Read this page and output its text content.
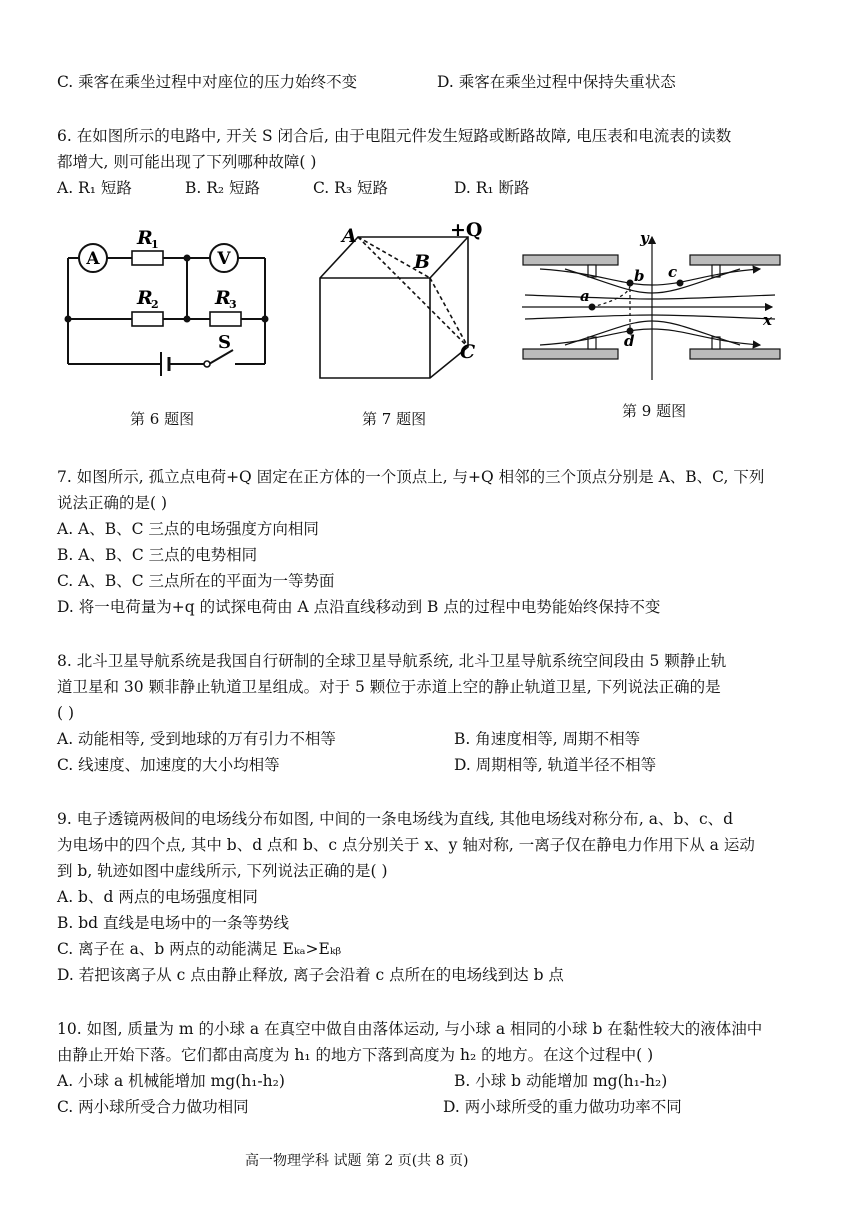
C. 乘客在乘坐过程中对座位的压力始终不变	D. 乘客在乘坐过程中保持失重状态
6. 在如图所示的电路中, 开关 S 闭合后, 由于电阻元件发生短路或断路故障, 电压表和电流表的读数
都增大, 则可能出现了下列哪种故障( )
A. R₁ 短路	B. R₂ 短路	C. R₃ 短路	D. R₁ 断路
A	V
R
1
R
2	R
3
S
第 6 题图
A
B
C
+Q
第 7 题图
y
x
a
b c
d
第 9 题图
7. 如图所示, 孤立点电荷+Q 固定在正方体的一个顶点上, 与+Q 相邻的三个顶点分别是 A、B、C, 下列
说法正确的是( )
A. A、B、C 三点的电场强度方向相同
B. A、B、C 三点的电势相同
C. A、B、C 三点所在的平面为一等势面
D. 将一电荷量为+q 的试探电荷由 A 点沿直线移动到 B 点的过程中电势能始终保持不变
8. 北斗卫星导航系统是我国自行研制的全球卫星导航系统, 北斗卫星导航系统空间段由 5 颗静止轨
道卫星和 30 颗非静止轨道卫星组成。对于 5 颗位于赤道上空的静止轨道卫星, 下列说法正确的是
( )
A. 动能相等, 受到地球的万有引力不相等	B. 角速度相等, 周期不相等
C. 线速度、加速度的大小均相等	D. 周期相等, 轨道半径不相等
9. 电子透镜两极间的电场线分布如图, 中间的一条电场线为直线, 其他电场线对称分布, a、b、c、d
为电场中的四个点, 其中 b、d 点和 b、c 点分别关于 x、y 轴对称, 一离子仅在静电力作用下从 a 运动
到 b, 轨迹如图中虚线所示, 下列说法正确的是( )
A. b、d 两点的电场强度相同
B. bd 直线是电场中的一条等势线
C. 离子在 a、b 两点的动能满足 Eₖₐ>Eₖᵦ
D. 若把该离子从 c 点由静止释放, 离子会沿着 c 点所在的电场线到达 b 点
10. 如图, 质量为 m 的小球 a 在真空中做自由落体运动, 与小球 a 相同的小球 b 在黏性较大的液体油中
由静止开始下落。它们都由高度为 h₁ 的地方下落到高度为 h₂ 的地方。在这个过程中( )
A. 小球 a 机械能增加 mg(h₁-h₂)	B. 小球 b 动能增加 mg(h₁-h₂)
C. 两小球所受合力做功相同	D. 两小球所受的重力做功功率不同
高一物理学科 试题 第 2 页(共 8 页)
